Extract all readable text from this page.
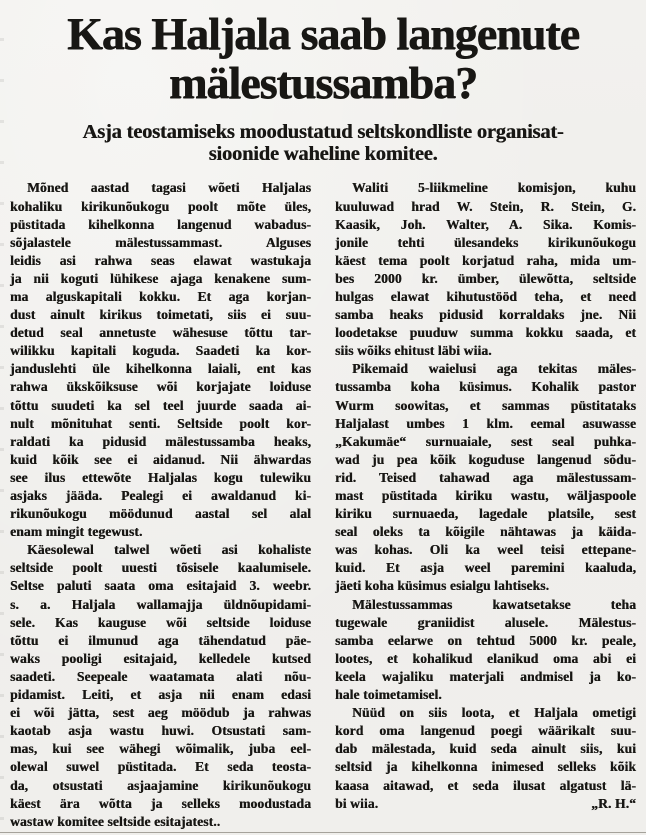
Kas Haljala saab langenute
mälestussamba?
Asja teostamiseks moodustatud seltskondliste organisat-
sioonide waheline komitee.
Mõned aastad tagasi wõeti Haljalas
kohaliku kirikunõukogu poolt mõte üles,
püstitada kihelkonna langenud wabadus-
sõjalastele mälestussammast. Alguses
leidis asi rahwa seas elawat wastukaja
ja nii koguti lühikese ajaga kenakene sum-
ma alguskapitali kokku. Et aga korjan-
dust ainult kirikus toimetati, siis ei suu-
detud seal annetuste wähesuse tõttu tar-
wilikku kapitali koguda. Saadeti ka kor-
janduslehti üle kihelkonna laiali, ent kas
rahwa ükskõiksuse wõi korjajate loiduse
tõttu suudeti ka sel teel juurde saada ai-
nult mõnituhat senti. Seltside poolt kor-
raldati ka pidusid mälestussamba heaks,
kuid kõik see ei aidanud. Nii ähwardas
see ilus ettewõte Haljalas kogu tulewiku
asjaks jääda. Pealegi ei awaldanud ki-
rikunõukogu möödunud aastal sel alal
enam mingit tegewust.
Käesolewal talwel wõeti asi kohaliste
seltside poolt uuesti tõsisele kaalumisele.
Seltse paluti saata oma esitajaid 3. weebr.
s. a. Haljala wallamajja üldnõupidami-
sele. Kas kauguse wõi seltside loiduse
tõttu ei ilmunud aga tähendatud päe-
waks pooligi esitajaid, kelledele kutsed
saadeti. Seepeale waatamata alati nõu-
pidamist. Leiti, et asja nii enam edasi
ei wõi jätta, sest aeg möödub ja rahwas
kaotab asja wastu huwi. Otsustati sam-
mas, kui see wähegi wõimalik, juba eel-
olewal suwel püstitada. Et seda teosta-
da, otsustati asjaajamine kirikunõukogu
käest ära wõtta ja selleks moodustada
wastaw komitee seltside esitajatest..
Waliti 5-liikmeline komisjon, kuhu
kuuluwad hrad W. Stein, R. Stein, G.
Kaasik, Joh. Walter, A. Sika. Komis-
jonile tehti ülesandeks kirikunõukogu
käest tema poolt korjatud raha, mida um-
bes 2000 kr. ümber, ülewõtta, seltside
hulgas elawat kihutustööd teha, et need
samba heaks pidusid korraldaks jne. Nii
loodetakse puuduw summa kokku saada, et
siis wõiks ehitust läbi wiia.
Pikemaid waielusi aga tekitas mäles-
tussamba koha küsimus. Kohalik pastor
Wurm soowitas, et sammas püstitataks
Haljalast umbes 1 klm. eemal asuwasse
„Kakumäe“ surnuaiale, sest seal puhka-
wad ju pea kõik koguduse langenud sõdu-
rid. Teised tahawad aga mälestussam-
mast püstitada kiriku wastu, wäljaspoole
kiriku surnuaeda, lagedale platsile, sest
seal oleks ta kõigile nähtawas ja käida-
was kohas. Oli ka weel teisi ettepane-
kuid. Et asja weel paremini kaaluda,
jäeti koha küsimus esialgu lahtiseks.
Mälestussammas kawatsetakse teha
tugewale graniidist alusele. Mälestus-
samba eelarwe on tehtud 5000 kr. peale,
lootes, et kohalikud elanikud oma abi ei
keela wajaliku materjali andmisel ja ko-
hale toimetamisel.
Nüüd on siis loota, et Haljala ometigi
kord oma langenud poegi wäärikalt suu-
dab mälestada, kuid seda ainult siis, kui
seltsid ja kihelkonna inimesed selleks kõik
kaasa aitawad, et seda ilusat algatust lä-
bi wiia.	„R. H.“
